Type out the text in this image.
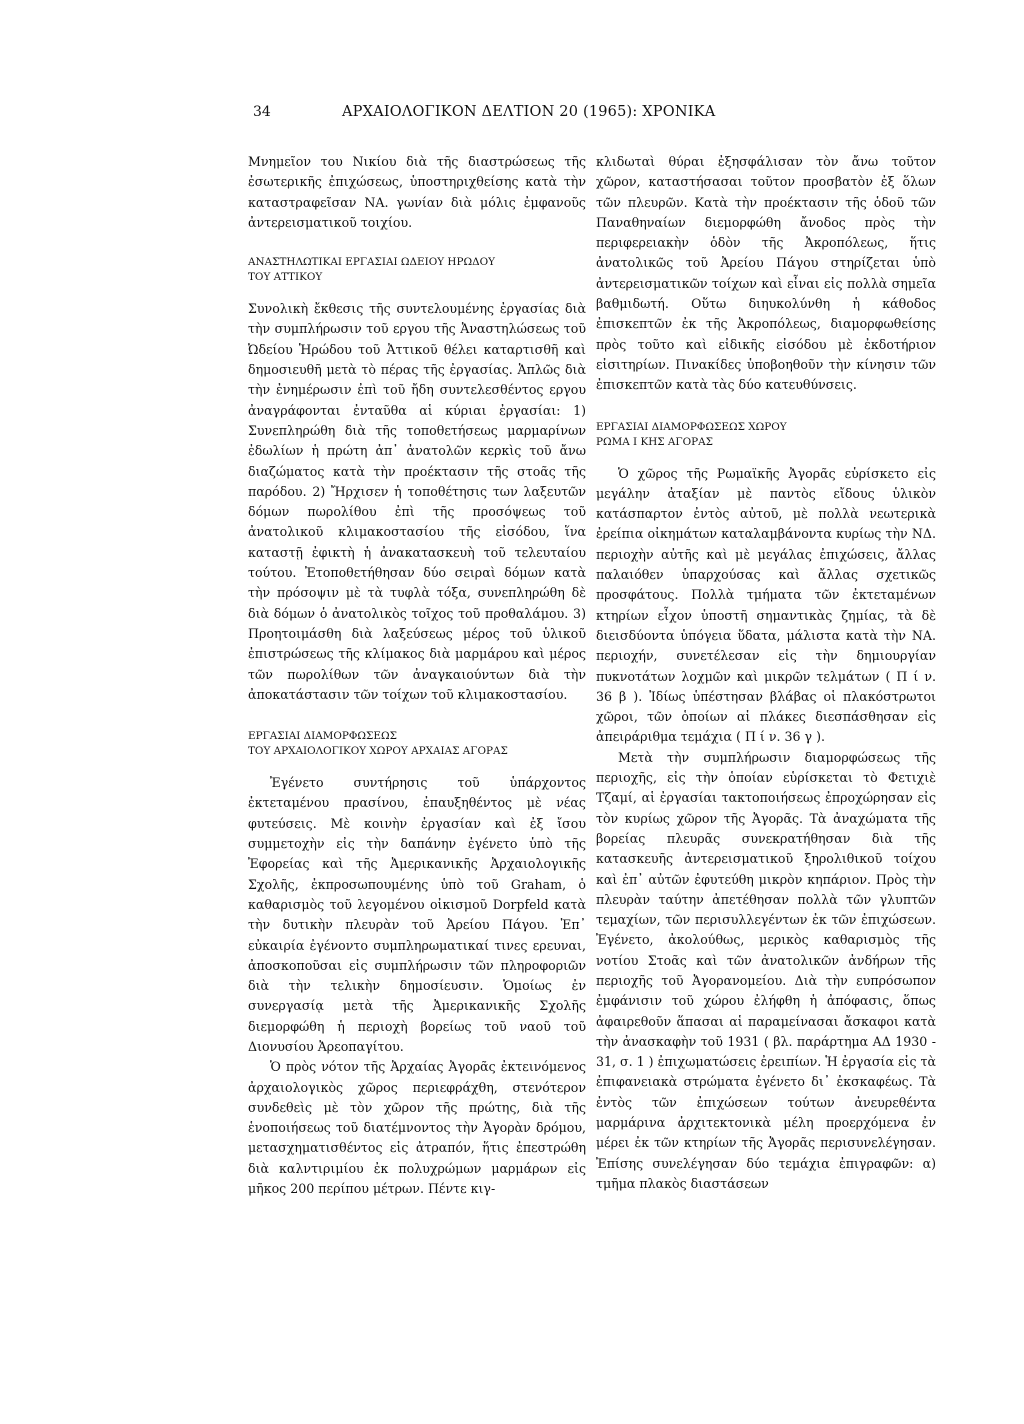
34	ΑΡΧΑΙΟΛΟΓΙΚΟΝ ΔΕΛΤΙΟΝ 20 (1965): ΧΡΟΝΙΚΑ

Μνημεῖον του Νικίου διὰ τῆς διαστρώσεως τῆς ἐσωτερικῆς ἐπιχώσεως, ὑποστηριχθείσης κατὰ τὴν καταστραφεῖσαν ΝΑ. γωνίαν διὰ μόλις ἐμφανοῦς ἀντερεισματικοῦ τοιχίου.

ΑΝΑΣΤΗΛΩΤΙΚΑΙ ΕΡΓΑΣΙΑΙ ΩΔΕΙΟΥ ΗΡΩΔΟΥ

ΤΟΥ ΑΤΤΙΚΟΥ

Συνολικὴ ἔκθεσις τῆς συντελουμένης ἐργασίας διὰ τὴν συμπλήρωσιν τοῦ εργου τῆς Ἀναστηλώσεως τοῦ Ὠδείου Ἡρώδου τοῦ Ἀττικοῦ θέλει καταρτισθῆ καὶ δημοσιευθῆ μετὰ τὸ πέρας τῆς ἐργασίας. Ἁπλῶς διὰ τὴν ἐνημέρωσιν ἐπὶ τοῦ ἤδη συντελεσθέντος εργου ἀναγράφονται ἐνταῦθα αἱ κύριαι ἐργασίαι: 1) Συνεπληρώθη διὰ τῆς τοποθετήσεως μαρμαρίνων ἐδωλίων ἡ πρώτη ἀπ᾿ ἀνατολῶν κερκὶς τοῦ ἄνω διαζώματος κατὰ τὴν προέκτασιν τῆς στοᾶς τῆς παρόδου. 2) Ἤρχισεν ἡ τοποθέτησις των λαξευτῶν δόμων πωρολίθου ἐπὶ τῆς προσόψεως τοῦ ἀνατολικοῦ κλιμακοστασίου τῆς εἰσόδου, ἵνα καταστῇ ἐφικτὴ ἡ ἀνακατασκευὴ τοῦ τελευταίου τούτου. Ἐτοποθετήθησαν δύο σειραὶ δόμων κατὰ τὴν πρόσοψιν μὲ τὰ τυφλὰ τόξα, συνεπληρώθη δὲ διὰ δόμων ὁ ἀνατολικὸς τοῖχος τοῦ προθαλάμου. 3) Προητοιμάσθη διὰ λαξεύσεως μέρος τοῦ ὑλικοῦ ἐπιστρώσεως τῆς κλίμακος διὰ μαρμάρου καὶ μέρος τῶν πωρολίθων τῶν ἀναγκαιούντων διὰ τὴν ἀποκατάστασιν τῶν τοίχων τοῦ κλιμακοστασίου.

ΕΡΓΑΣΙΑΙ ΔΙΑΜΟΡΦΩΣΕΩΣ

ΤΟΥ ΑΡΧΑΙΟΛΟΓΙΚΟΥ ΧΩΡΟΥ ΑΡΧΑΙΑΣ ΑΓΟΡΑΣ

Ἐγένετο συντήρησις τοῦ ὑπάρχοντος ἐκτεταμένου πρασίνου, ἐπαυξηθέντος μὲ νέας φυτεύσεις. Μὲ κοινὴν ἐργασίαν καὶ ἐξ ἴσου συμμετοχὴν εἰς τὴν δαπάνην ἐγένετο ὑπὸ τῆς Ἐφορείας καὶ τῆς Ἀμερικανικῆς Ἀρχαιολογικῆς Σχολῆς, ἐκπροσωπουμένης ὑπὸ τοῦ Graham, ὁ καθαρισμὸς τοῦ λεγομένου οἰκισμοῦ Dorpfeld κατὰ τὴν δυτικὴν πλευρὰν τοῦ Ἀρείου Πάγου. Ἐπ᾿ εὐκαιρία ἐγένοντο συμπληρωματικαί τινες ερευναι, ἀποσκοποῦσαι εἰς συμπλήρωσιν τῶν πληροφοριῶν διὰ τὴν τελικὴν δημοσίευσιν. Ὁμοίως ἐν συνεργασίᾳ μετὰ τῆς Ἀμερικανικῆς Σχολῆς διεμορφώθη ἡ περιοχὴ βορείως τοῦ ναοῦ τοῦ Διονυσίου Ἀρεοπαγίτου.

Ὁ πρὸς νότον τῆς Ἀρχαίας Ἀγορᾶς ἐκτεινόμενος ἀρχαιολογικὸς χῶρος περιεφράχθη, στενότερον συνδεθεὶς μὲ τὸν χῶρον τῆς πρώτης, διὰ τῆς ἑνοποιήσεως τοῦ διατέμνοντος τὴν Ἀγορὰν δρόμου, μετασχηματισθέντος εἰς ἀτραπόν, ἥτις ἐπεστρώθη διὰ καλντιριμίου ἐκ πολυχρώμων μαρμάρων εἰς μῆκος 200 περίπου μέτρων. Πέντε κιγ-

κλιδωταὶ θύραι ἐξησφάλισαν τὸν ἄνω τοῦτον χῶρον, καταστήσασαι τοῦτον προσβατὸν ἐξ ὅλων τῶν πλευρῶν. Κατὰ τὴν προέκτασιν τῆς ὁδοῦ τῶν Παναθηναίων διεμορφώθη ἄνοδος πρὸς τὴν περιφερειακὴν ὁδὸν τῆς Ἀκροπόλεως, ἥτις ἀνατολικῶς τοῦ Ἀρείου Πάγου στηρίζεται ὑπὸ ἀντερεισματικῶν τοίχων καὶ εἶναι εἰς πολλὰ σημεῖα βαθμιδωτή. Οὕτω διηυκολύνθη ἡ κάθοδος ἐπισκεπτῶν ἐκ τῆς Ἀκροπόλεως, διαμορφωθείσης πρὸς τοῦτο καὶ εἰδικῆς εἰσόδου μὲ ἐκδοτήριον εἰσιτηρίων. Πινακίδες ὑποβοηθοῦν τὴν κίνησιν τῶν ἐπισκεπτῶν κατὰ τὰς δύο κατευθύνσεις.

ΕΡΓΑΣΙΑΙ ΔΙΑΜΟΡΦΩΣΕΩΣ ΧΩΡΟΥ

ΡΩΜΑ Ι ΚΗΣ ΑΓΟΡΑΣ

Ὁ χῶρος τῆς Ρωμαϊκῆς Ἀγορᾶς εὑρίσκετο εἰς μεγάλην ἀταξίαν μὲ παντὸς εἴδους ὑλικὸν κατάσπαρτον ἐντὸς αὐτοῦ, μὲ πολλὰ νεωτερικὰ ἐρείπια οἰκημάτων καταλαμβάνοντα κυρίως τὴν ΝΔ. περιοχὴν αὐτῆς καὶ μὲ μεγάλας ἐπιχώσεις, ἄλλας παλαιόθεν ὑπαρχούσας καὶ ἄλλας σχετικῶς προσφάτους. Πολλὰ τμήματα τῶν ἐκτεταμένων κτηρίων εἶχον ὑποστῆ σημαντικὰς ζημίας, τὰ δὲ διεισδύοντα ὑπόγεια ὕδατα, μάλιστα κατὰ τὴν ΝΑ. περιοχήν, συνετέλεσαν εἰς τὴν δημιουργίαν πυκνοτάτων λοχμῶν καὶ μικρῶν τελμάτων ( Π ί ν. 36 β ). Ἰδίως ὑπέστησαν βλάβας οἱ πλακόστρωτοι χῶροι, τῶν ὁποίων αἱ πλάκες διεσπάσθησαν εἰς ἀπειράριθμα τεμάχια ( Π ί ν. 36 γ ).

Μετὰ τὴν συμπλήρωσιν διαμορφώσεως τῆς περιοχῆς, εἰς τὴν ὁποίαν εὑρίσκεται τὸ Φετιχιὲ Τζαμί, αἱ ἐργασίαι τακτοποιήσεως ἐπροχώρησαν εἰς τὸν κυρίως χῶρον τῆς Ἀγορᾶς. Τὰ ἀναχώματα τῆς βορείας πλευρᾶς συνεκρατήθησαν διὰ τῆς κατασκευῆς ἀντερεισματικοῦ ξηρολιθικοῦ τοίχου καὶ ἐπ᾿ αὐτῶν ἐφυτεύθη μικρὸν κηπάριον. Πρὸς τὴν πλευρὰν ταύτην ἀπετέθησαν πολλὰ τῶν γλυπτῶν τεμαχίων, τῶν περισυλλεγέντων ἐκ τῶν ἐπιχώσεων. Ἐγένετο, ἀκολούθως, μερικὸς καθαρισμὸς τῆς νοτίου Στοᾶς καὶ τῶν ἀνατολικῶν ἀνδήρων τῆς περιοχῆς τοῦ Ἀγορανομείου. Διὰ τὴν ευπρόσωπον ἐμφάνισιν τοῦ χώρου ἐλήφθη ἡ ἀπόφασις, ὅπως ἀφαιρεθοῦν ἅπασαι αἱ παραμείνασαι ἄσκαφοι κατὰ τὴν ἀνασκαφὴν τοῦ 1931 ( βλ. παράρτημα ΑΔ 1930 - 31, σ. 1 ) ἐπιχωματώσεις ἐρειπίων. Ἡ ἐργασία εἰς τὰ ἐπιφανειακὰ στρώματα ἐγένετο δι᾿ ἐκσκαφέως. Τὰ ἐντὸς τῶν ἐπιχώσεων τούτων ἀνευρεθέντα μαρμάρινα ἀρχιτεκτονικὰ μέλη προερχόμενα ἐν μέρει ἐκ τῶν κτηρίων τῆς Ἀγορᾶς περισυνελέγησαν. Ἐπίσης συνελέγησαν δύο τεμάχια ἐπιγραφῶν: α) τμῆμα πλακὸς διαστάσεων
